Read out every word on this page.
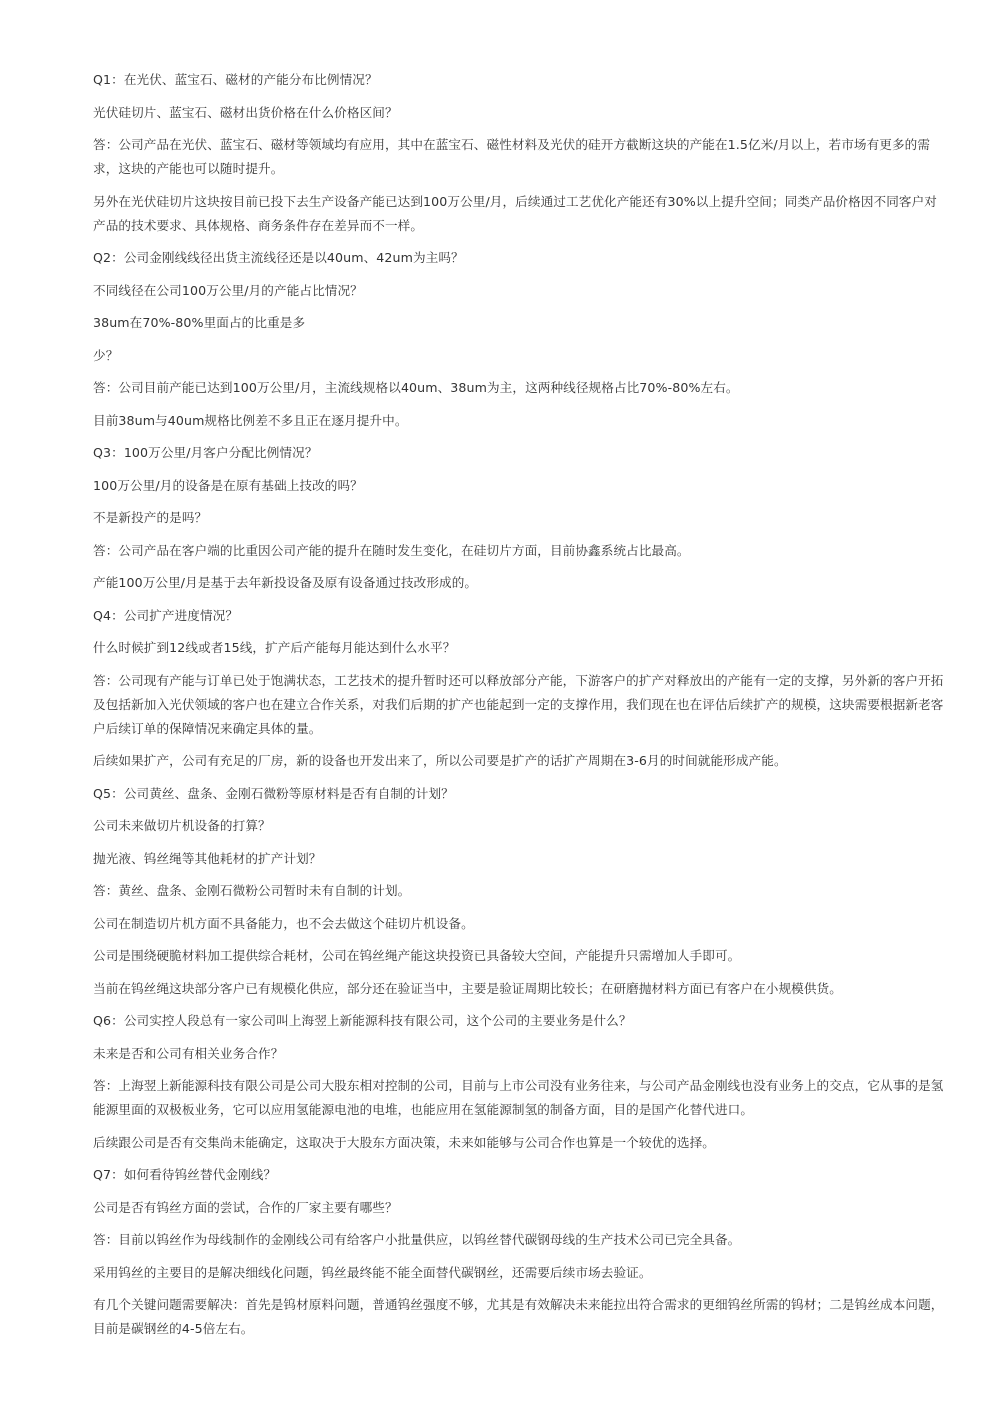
Q1：在光伏、蓝宝石、磁材的产能分布比例情况？

光伏硅切片、蓝宝石、磁材出货价格在什么价格区间？

答：公司产品在光伏、蓝宝石、磁材等领域均有应用，其中在蓝宝石、磁性材料及光伏的硅开方截断这块的产能在1.5亿米/月以上，若市场有更多的需求，这块的产能也可以随时提升。

另外在光伏硅切片这块按目前已投下去生产设备产能已达到100万公里/月，后续通过工艺优化产能还有30%以上提升空间；同类产品价格因不同客户对产品的技术要求、具体规格、商务条件存在差异而不一样。

Q2：公司金刚线线径出货主流线径还是以40um、42um为主吗？

不同线径在公司100万公里/月的产能占比情况？

38um在70%-80%里面占的比重是多

少？

答：公司目前产能已达到100万公里/月，主流线规格以40um、38um为主，这两种线径规格占比70%-80%左右。

目前38um与40um规格比例差不多且正在逐月提升中。

Q3：100万公里/月客户分配比例情况？

100万公里/月的设备是在原有基础上技改的吗？

不是新投产的是吗？

答：公司产品在客户端的比重因公司产能的提升在随时发生变化，在硅切片方面，目前协鑫系统占比最高。

产能100万公里/月是基于去年新投设备及原有设备通过技改形成的。

Q4：公司扩产进度情况？

什么时候扩到12线或者15线，扩产后产能每月能达到什么水平？

答：公司现有产能与订单已处于饱满状态，工艺技术的提升暂时还可以释放部分产能，下游客户的扩产对释放出的产能有一定的支撑，另外新的客户开拓及包括新加入光伏领域的客户也在建立合作关系，对我们后期的扩产也能起到一定的支撑作用，我们现在也在评估后续扩产的规模，这块需要根据新老客户后续订单的保障情况来确定具体的量。

后续如果扩产，公司有充足的厂房，新的设备也开发出来了，所以公司要是扩产的话扩产周期在3-6月的时间就能形成产能。

Q5：公司黄丝、盘条、金刚石微粉等原材料是否有自制的计划？

公司未来做切片机设备的打算？

抛光液、钨丝绳等其他耗材的扩产计划？

答：黄丝、盘条、金刚石微粉公司暂时未有自制的计划。

公司在制造切片机方面不具备能力，也不会去做这个硅切片机设备。

公司是围绕硬脆材料加工提供综合耗材，公司在钨丝绳产能这块投资已具备较大空间，产能提升只需增加人手即可。

当前在钨丝绳这块部分客户已有规模化供应，部分还在验证当中，主要是验证周期比较长；在研磨抛材料方面已有客户在小规模供货。

Q6：公司实控人段总有一家公司叫上海翌上新能源科技有限公司，这个公司的主要业务是什么？

未来是否和公司有相关业务合作？

答：上海翌上新能源科技有限公司是公司大股东相对控制的公司，目前与上市公司没有业务往来，与公司产品金刚线也没有业务上的交点，它从事的是氢能源里面的双极板业务，它可以应用氢能源电池的电堆，也能应用在氢能源制氢的制备方面，目的是国产化替代进口。

后续跟公司是否有交集尚未能确定，这取决于大股东方面决策，未来如能够与公司合作也算是一个较优的选择。

Q7：如何看待钨丝替代金刚线？

公司是否有钨丝方面的尝试，合作的厂家主要有哪些？

答：目前以钨丝作为母线制作的金刚线公司有给客户小批量供应，以钨丝替代碳钢母线的生产技术公司已完全具备。

采用钨丝的主要目的是解决细线化问题，钨丝最终能不能全面替代碳钢丝，还需要后续市场去验证。

有几个关键问题需要解决：首先是钨材原料问题，普通钨丝强度不够，尤其是有效解决未来能拉出符合需求的更细钨丝所需的钨材；二是钨丝成本问题，目前是碳钢丝的4-5倍左右。
